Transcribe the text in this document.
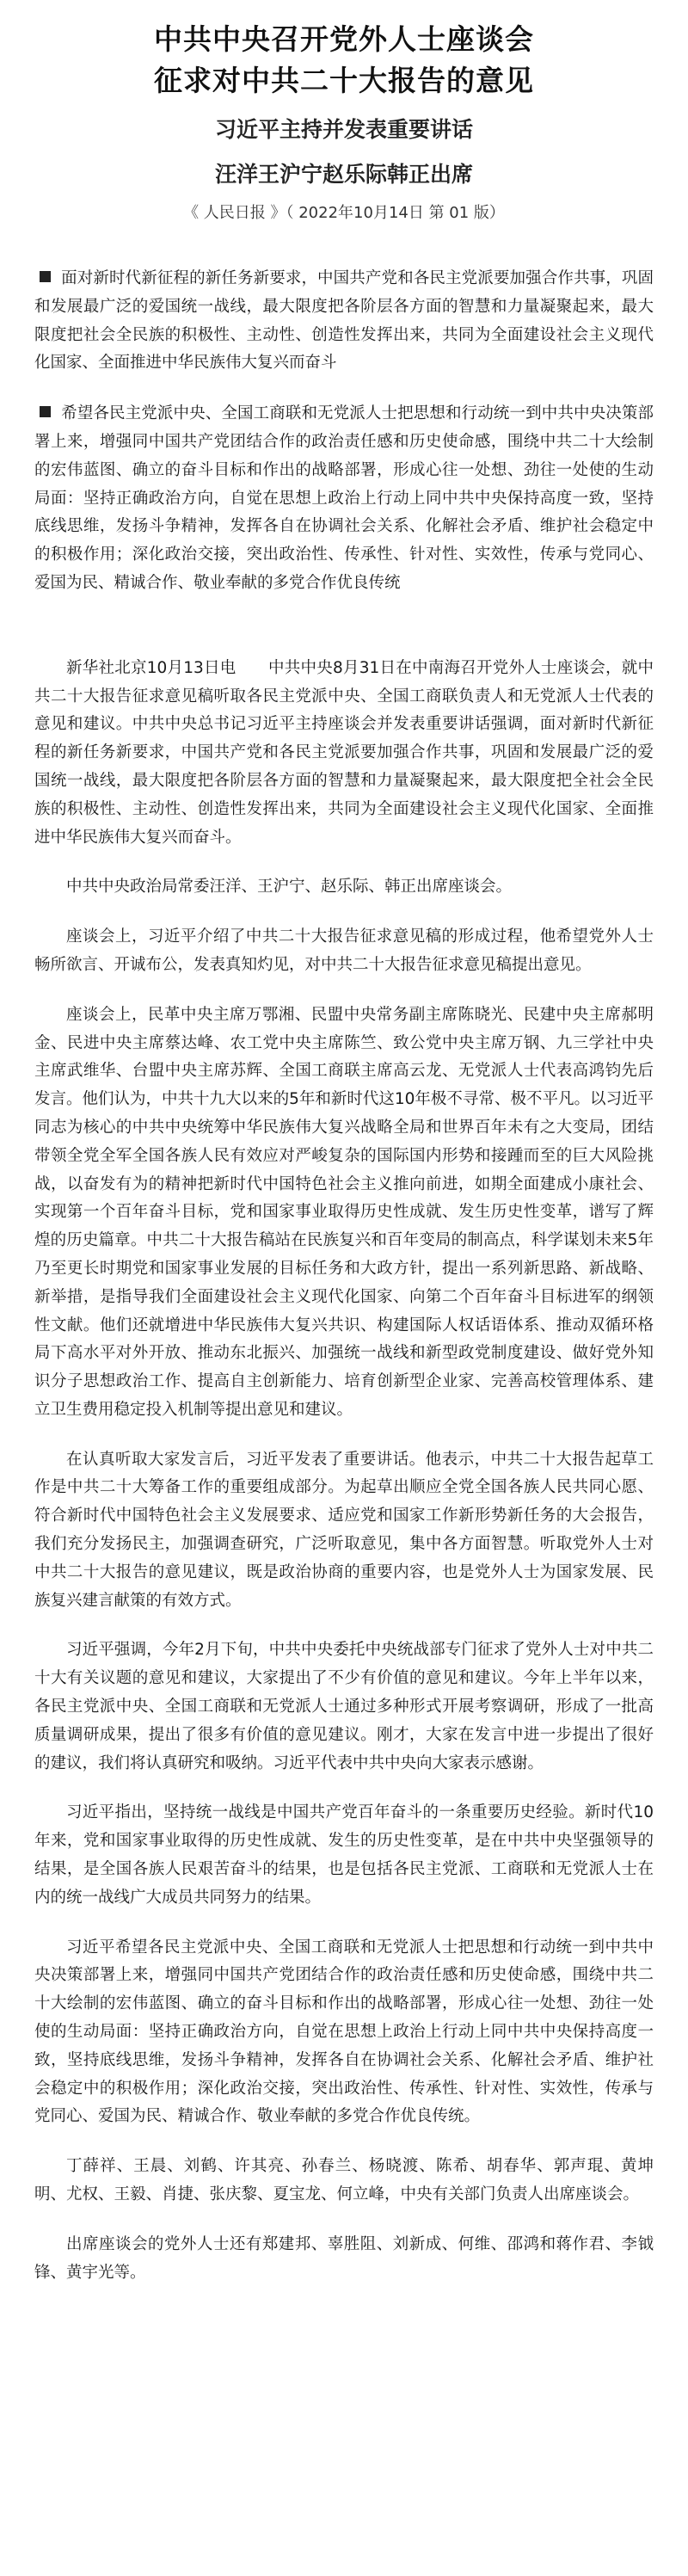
中共中央召开党外人士座谈会
征求对中共二十大报告的意见
习近平主持并发表重要讲话
汪洋王沪宁赵乐际韩正出席
《 人民日报 》（ 2022年10月14日 第 01 版）

面对新时代新征程的新任务新要求，中国共产党和各民主党派要加强合作共事，巩固和发展最广泛的爱国统一战线，最大限度把各阶层各方面的智慧和力量凝聚起来，最大限度把社会全民族的积极性、主动性、创造性发挥出来，共同为全面建设社会主义现代化国家、全面推进中华民族伟大复兴而奋斗

希望各民主党派中央、全国工商联和无党派人士把思想和行动统一到中共中央决策部署上来，增强同中国共产党团结合作的政治责任感和历史使命感，围绕中共二十大绘制的宏伟蓝图、确立的奋斗目标和作出的战略部署，形成心往一处想、劲往一处使的生动局面：坚持正确政治方向，自觉在思想上政治上行动上同中共中央保持高度一致，坚持底线思维，发扬斗争精神，发挥各自在协调社会关系、化解社会矛盾、维护社会稳定中的积极作用；深化政治交接，突出政治性、传承性、针对性、实效性，传承与党同心、爱国为民、精诚合作、敬业奉献的多党合作优良传统

新华社北京10月13日电　　中共中央8月31日在中南海召开党外人士座谈会，就中共二十大报告征求意见稿听取各民主党派中央、全国工商联负责人和无党派人士代表的意见和建议。中共中央总书记习近平主持座谈会并发表重要讲话强调，面对新时代新征程的新任务新要求，中国共产党和各民主党派要加强合作共事，巩固和发展最广泛的爱国统一战线，最大限度把各阶层各方面的智慧和力量凝聚起来，最大限度把全社会全民族的积极性、主动性、创造性发挥出来，共同为全面建设社会主义现代化国家、全面推进中华民族伟大复兴而奋斗。

中共中央政治局常委汪洋、王沪宁、赵乐际、韩正出席座谈会。

座谈会上，习近平介绍了中共二十大报告征求意见稿的形成过程，他希望党外人士畅所欲言、开诚布公，发表真知灼见，对中共二十大报告征求意见稿提出意见。

座谈会上，民革中央主席万鄂湘、民盟中央常务副主席陈晓光、民建中央主席郝明金、民进中央主席蔡达峰、农工党中央主席陈竺、致公党中央主席万钢、九三学社中央主席武维华、台盟中央主席苏辉、全国工商联主席高云龙、无党派人士代表高鸿钧先后发言。他们认为，中共十九大以来的5年和新时代这10年极不寻常、极不平凡。以习近平同志为核心的中共中央统筹中华民族伟大复兴战略全局和世界百年未有之大变局，团结带领全党全军全国各族人民有效应对严峻复杂的国际国内形势和接踵而至的巨大风险挑战，以奋发有为的精神把新时代中国特色社会主义推向前进，如期全面建成小康社会、实现第一个百年奋斗目标，党和国家事业取得历史性成就、发生历史性变革，谱写了辉煌的历史篇章。中共二十大报告稿站在民族复兴和百年变局的制高点，科学谋划未来5年乃至更长时期党和国家事业发展的目标任务和大政方针，提出一系列新思路、新战略、新举措，是指导我们全面建设社会主义现代化国家、向第二个百年奋斗目标进军的纲领性文献。他们还就增进中华民族伟大复兴共识、构建国际人权话语体系、推动双循环格局下高水平对外开放、推动东北振兴、加强统一战线和新型政党制度建设、做好党外知识分子思想政治工作、提高自主创新能力、培育创新型企业家、完善高校管理体系、建立卫生费用稳定投入机制等提出意见和建议。

在认真听取大家发言后，习近平发表了重要讲话。他表示，中共二十大报告起草工作是中共二十大筹备工作的重要组成部分。为起草出顺应全党全国各族人民共同心愿、符合新时代中国特色社会主义发展要求、适应党和国家工作新形势新任务的大会报告，我们充分发扬民主，加强调查研究，广泛听取意见，集中各方面智慧。听取党外人士对中共二十大报告的意见建议，既是政治协商的重要内容，也是党外人士为国家发展、民族复兴建言献策的有效方式。

习近平强调，今年2月下旬，中共中央委托中央统战部专门征求了党外人士对中共二十大有关议题的意见和建议，大家提出了不少有价值的意见和建议。今年上半年以来，各民主党派中央、全国工商联和无党派人士通过多种形式开展考察调研，形成了一批高质量调研成果，提出了很多有价值的意见建议。刚才，大家在发言中进一步提出了很好的建议，我们将认真研究和吸纳。习近平代表中共中央向大家表示感谢。

习近平指出，坚持统一战线是中国共产党百年奋斗的一条重要历史经验。新时代10年来，党和国家事业取得的历史性成就、发生的历史性变革，是在中共中央坚强领导的结果，是全国各族人民艰苦奋斗的结果，也是包括各民主党派、工商联和无党派人士在内的统一战线广大成员共同努力的结果。

习近平希望各民主党派中央、全国工商联和无党派人士把思想和行动统一到中共中央决策部署上来，增强同中国共产党团结合作的政治责任感和历史使命感，围绕中共二十大绘制的宏伟蓝图、确立的奋斗目标和作出的战略部署，形成心往一处想、劲往一处使的生动局面：坚持正确政治方向，自觉在思想上政治上行动上同中共中央保持高度一致，坚持底线思维，发扬斗争精神，发挥各自在协调社会关系、化解社会矛盾、维护社会稳定中的积极作用；深化政治交接，突出政治性、传承性、针对性、实效性，传承与党同心、爱国为民、精诚合作、敬业奉献的多党合作优良传统。

丁薛祥、王晨、刘鹤、许其亮、孙春兰、杨晓渡、陈希、胡春华、郭声琨、黄坤明、尤权、王毅、肖捷、张庆黎、夏宝龙、何立峰，中央有关部门负责人出席座谈会。

出席座谈会的党外人士还有郑建邦、辜胜阻、刘新成、何维、邵鸿和蒋作君、李钺锋、黄宇光等。
